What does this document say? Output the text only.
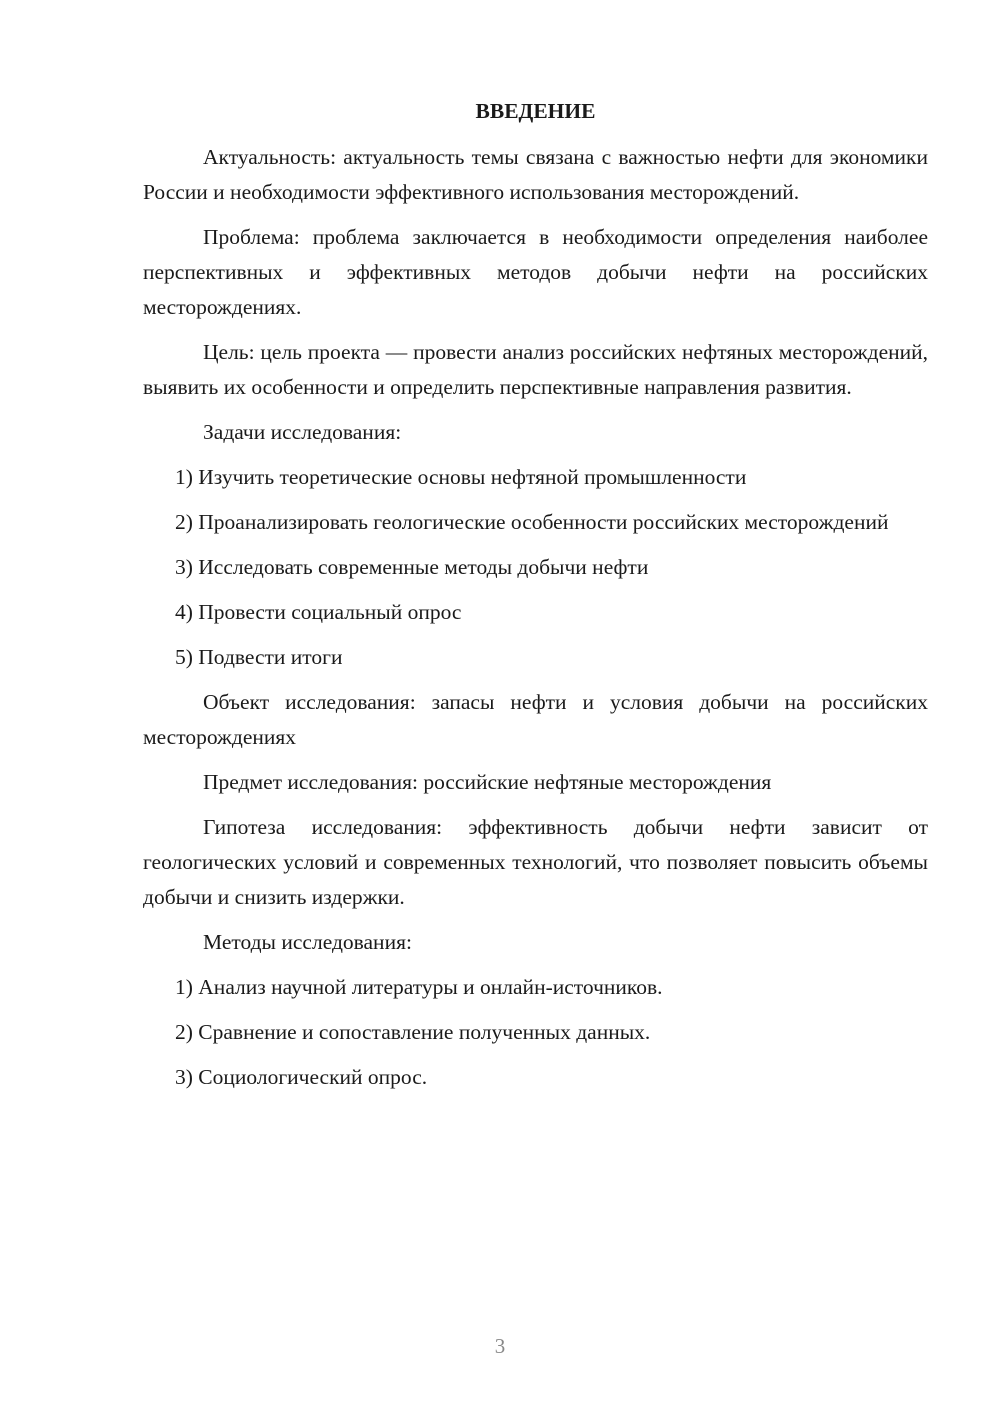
ВВЕДЕНИЕ

Актуальность: актуальность темы связана с важностью нефти для экономики России и необходимости эффективного использования месторождений.

Проблема: проблема заключается в необходимости определения наиболее перспективных и эффективных методов добычи нефти на российских месторождениях.

Цель: цель проекта — провести анализ российских нефтяных месторождений, выявить их особенности и определить перспективные направления развития.

Задачи исследования:

1) Изучить теоретические основы нефтяной промышленности

2) Проанализировать геологические особенности российских месторождений

3) Исследовать современные методы добычи нефти

4) Провести социальный опрос

5) Подвести итоги

Объект исследования: запасы нефти и условия добычи на российских месторождениях

Предмет исследования: российские нефтяные месторождения

Гипотеза исследования: эффективность добычи нефти зависит от геологических условий и современных технологий, что позволяет повысить объемы добычи и снизить издержки.

Методы исследования:

1) Анализ научной литературы и онлайн-источников.

2) Сравнение и сопоставление полученных данных.

3) Социологический опрос.

3
